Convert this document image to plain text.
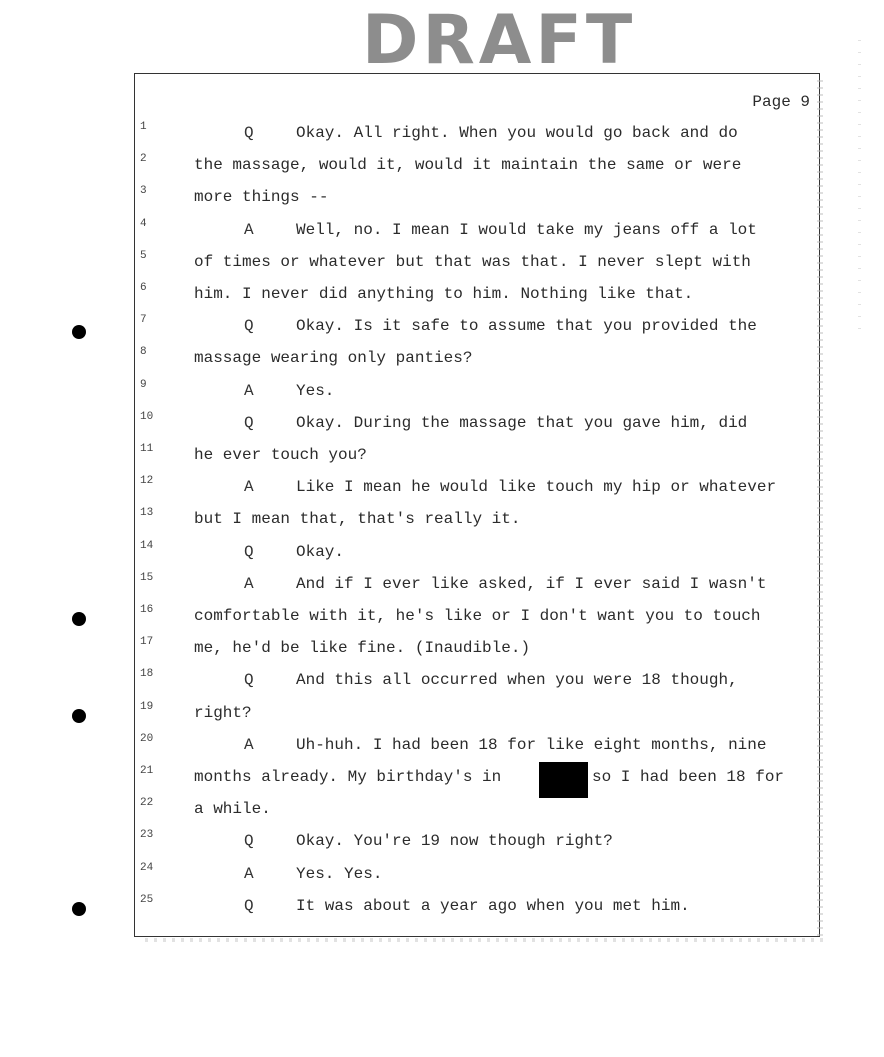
DRAFT
Page 9
1	Q	Okay. All right. When you would go back and do
2	the massage, would it, would it maintain the same or were
3	more things --
4	A	Well, no. I mean I would take my jeans off a lot
5	of times or whatever but that was that. I never slept with
6	him. I never did anything to him. Nothing like that.
7	Q	Okay. Is it safe to assume that you provided the
8	massage wearing only panties?
9	A	Yes.
10	Q	Okay. During the massage that you gave him, did
11	he ever touch you?
12	A	Like I mean he would like touch my hip or whatever
13	but I mean that, that's really it.
14	Q	Okay.
15	A	And if I ever like asked, if I ever said I wasn't
16	comfortable with it, he's like or I don't want you to touch
17	me, he'd be like fine. (Inaudible.)
18	Q	And this all occurred when you were 18 though,
19	right?
20	A	Uh-huh. I had been 18 for like eight months, nine
21	months already. My birthday's in	so I had been 18 for
22	a while.
23	Q	Okay. You're 19 now though right?
24	A	Yes. Yes.
25	Q	It was about a year ago when you met him.
